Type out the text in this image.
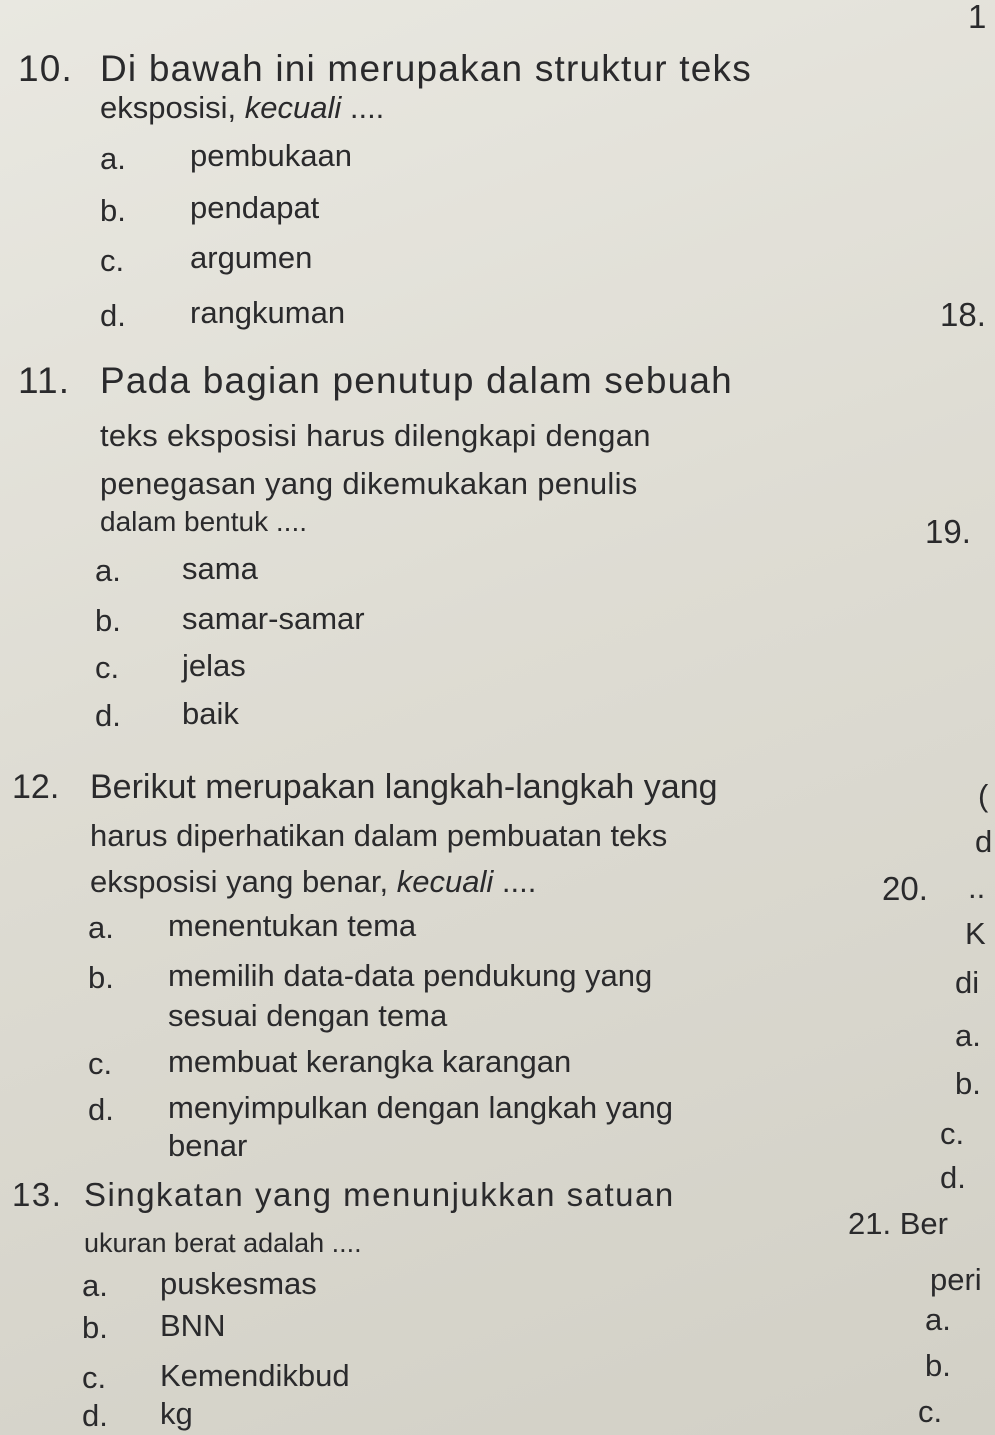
1
10. Di bawah ini merupakan struktur teks
eksposisi, kecuali ....
a. pembukaan
b. pendapat
c. argumen
d. rangkuman
11. Pada bagian penutup dalam sebuah
teks eksposisi harus dilengkapi dengan
penegasan yang dikemukakan penulis
dalam bentuk ....
a. sama
b. samar-samar
c. jelas
d. baik
12. Berikut merupakan langkah-langkah yang
harus diperhatikan dalam pembuatan teks
eksposisi yang benar, kecuali ....
a. menentukan tema
b. memilih data-data pendukung yang
sesuai dengan tema
c. membuat kerangka karangan
d. menyimpulkan dengan langkah yang
benar
13. Singkatan yang menunjukkan satuan
ukuran berat adalah ....
a. puskesmas
b. BNN
c. Kemendikbud
d. kg
18.
19.
(
d
20. ..
K
di
a.
b.
c.
d.
21. Ber
peri
a.
b.
c.
